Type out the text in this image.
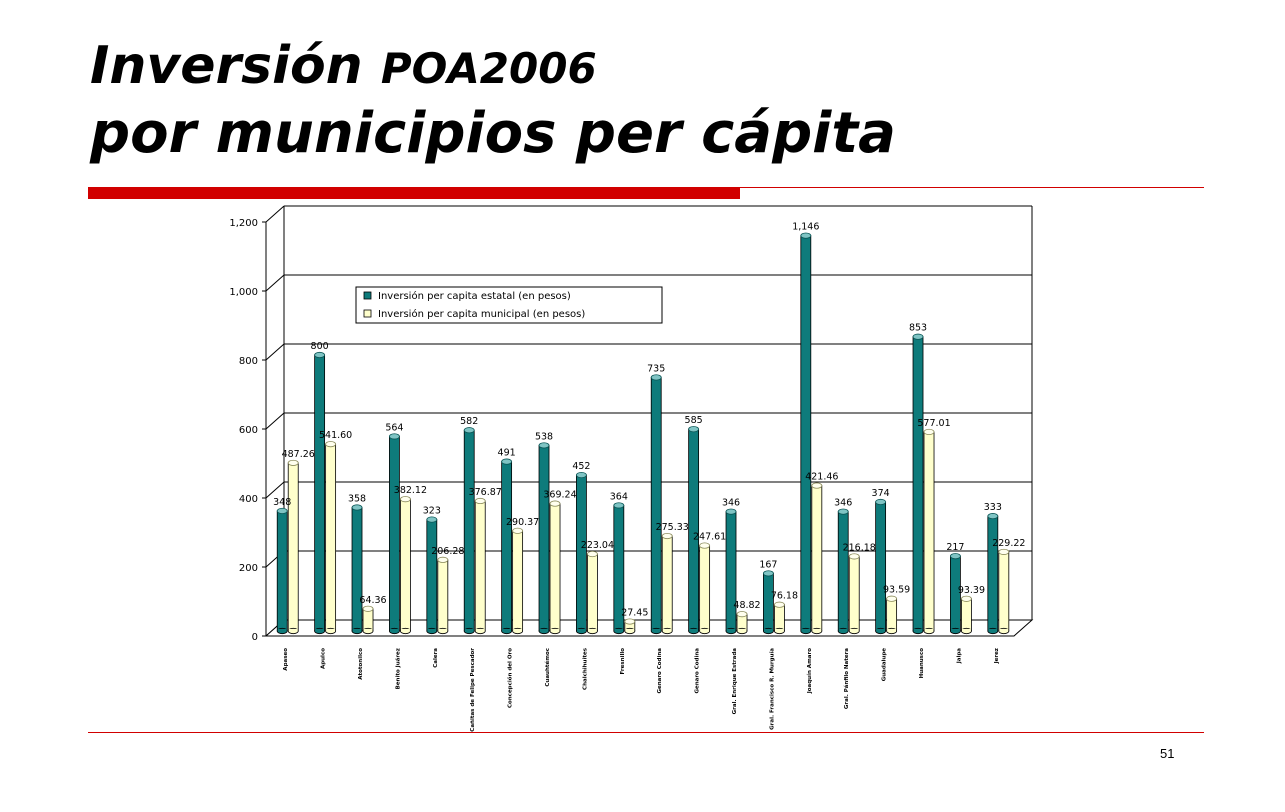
Inversión POA2006
por municipios per cápita
0
200
400
600
800
1,000
1,200
348
487.26
800
541.60
358
64.36
564
382.12
323
206.28
582
376.87
491
290.37
538
369.24
452
223.04
364
27.45
735
275.33
585
247.61
346
48.82
167
76.18
1,146
421.46
346
216.18
374
93.59
853
577.01
217
93.39
333
229.22
Apaseo	Apulco	Atotonilco	Benito Juárez	Calera	Cañitas de Felipe Pescador	Concepción del Oro	Cuauhtémoc	Chalchihuites	Fresnillo	Genaro Codina	Genaro Codina	Gral. Enrique Estrada	Gral. Francisco R. Murguía	Joaquín Amaro	Gral. Pánfilo Natera	Guadalupe	Huanusco	Jalpa	Jerez
Inversión per capita estatal (en pesos)
Inversión per capita municipal (en pesos)
51
